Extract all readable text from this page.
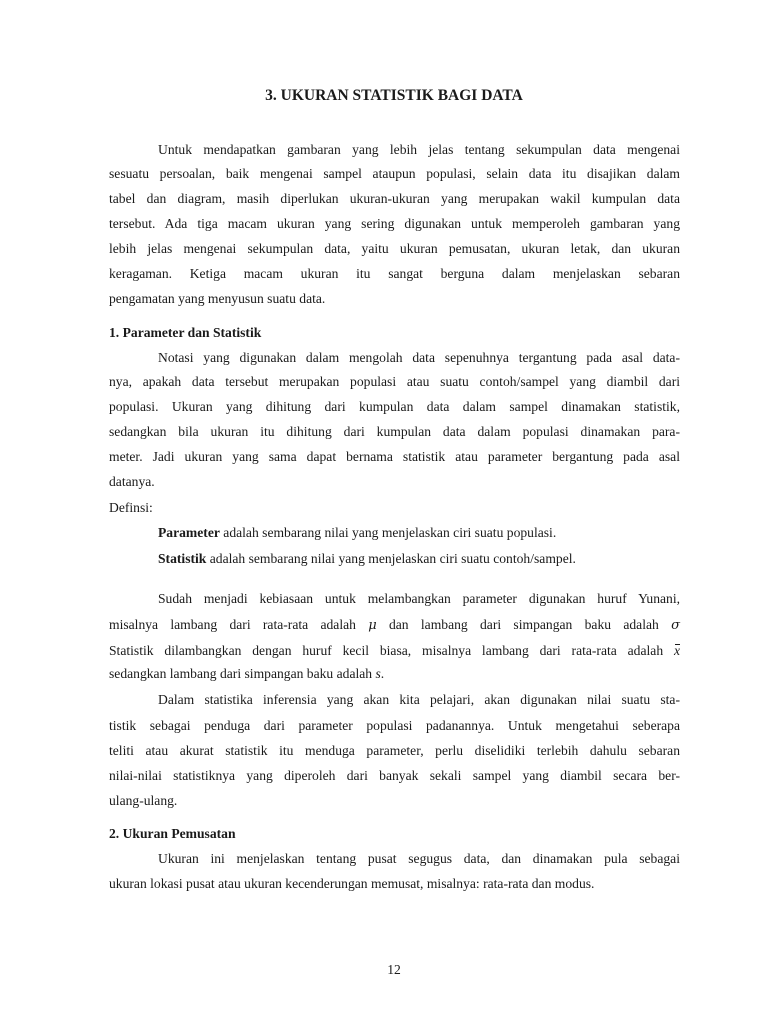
3. UKURAN STATISTIK BAGI DATA
Untuk mendapatkan gambaran yang lebih jelas tentang sekumpulan data mengenai
sesuatu persoalan, baik mengenai sampel ataupun populasi, selain data itu disajikan dalam
tabel dan diagram, masih diperlukan ukuran-ukuran yang merupakan wakil kumpulan data
tersebut. Ada tiga macam ukuran yang sering digunakan untuk memperoleh gambaran yang
lebih jelas mengenai sekumpulan data, yaitu ukuran pemusatan, ukuran letak, dan ukuran
keragaman. Ketiga macam ukuran itu sangat berguna dalam menjelaskan sebaran
pengamatan yang menyusun suatu data.
1. Parameter dan Statistik
Notasi yang digunakan dalam mengolah data sepenuhnya tergantung pada asal data-
nya, apakah data tersebut merupakan populasi atau suatu contoh/sampel yang diambil dari
populasi. Ukuran yang dihitung dari kumpulan data dalam sampel dinamakan statistik,
sedangkan bila ukuran itu dihitung dari kumpulan data dalam populasi dinamakan para-
meter. Jadi ukuran yang sama dapat bernama statistik atau parameter bergantung pada asal
datanya.
Definsi:
Parameter adalah sembarang nilai yang menjelaskan ciri suatu populasi.
Statistik adalah sembarang nilai yang menjelaskan ciri suatu contoh/sampel.
Sudah menjadi kebiasaan untuk melambangkan parameter digunakan huruf Yunani,
misalnya lambang dari rata-rata adalah μ dan lambang dari simpangan baku adalah σ
Statistik dilambangkan dengan huruf kecil biasa, misalnya lambang dari rata-rata adalah x
sedangkan lambang dari simpangan baku adalah s.
Dalam statistika inferensia yang akan kita pelajari, akan digunakan nilai suatu sta-
tistik sebagai penduga dari parameter populasi padanannya. Untuk mengetahui seberapa
teliti atau akurat statistik itu menduga parameter, perlu diselidiki terlebih dahulu sebaran
nilai-nilai statistiknya yang diperoleh dari banyak sekali sampel yang diambil secara ber-
ulang-ulang.
2. Ukuran Pemusatan
Ukuran ini menjelaskan tentang pusat segugus data, dan dinamakan pula sebagai
ukuran lokasi pusat atau ukuran kecenderungan memusat, misalnya: rata-rata dan modus.
12
